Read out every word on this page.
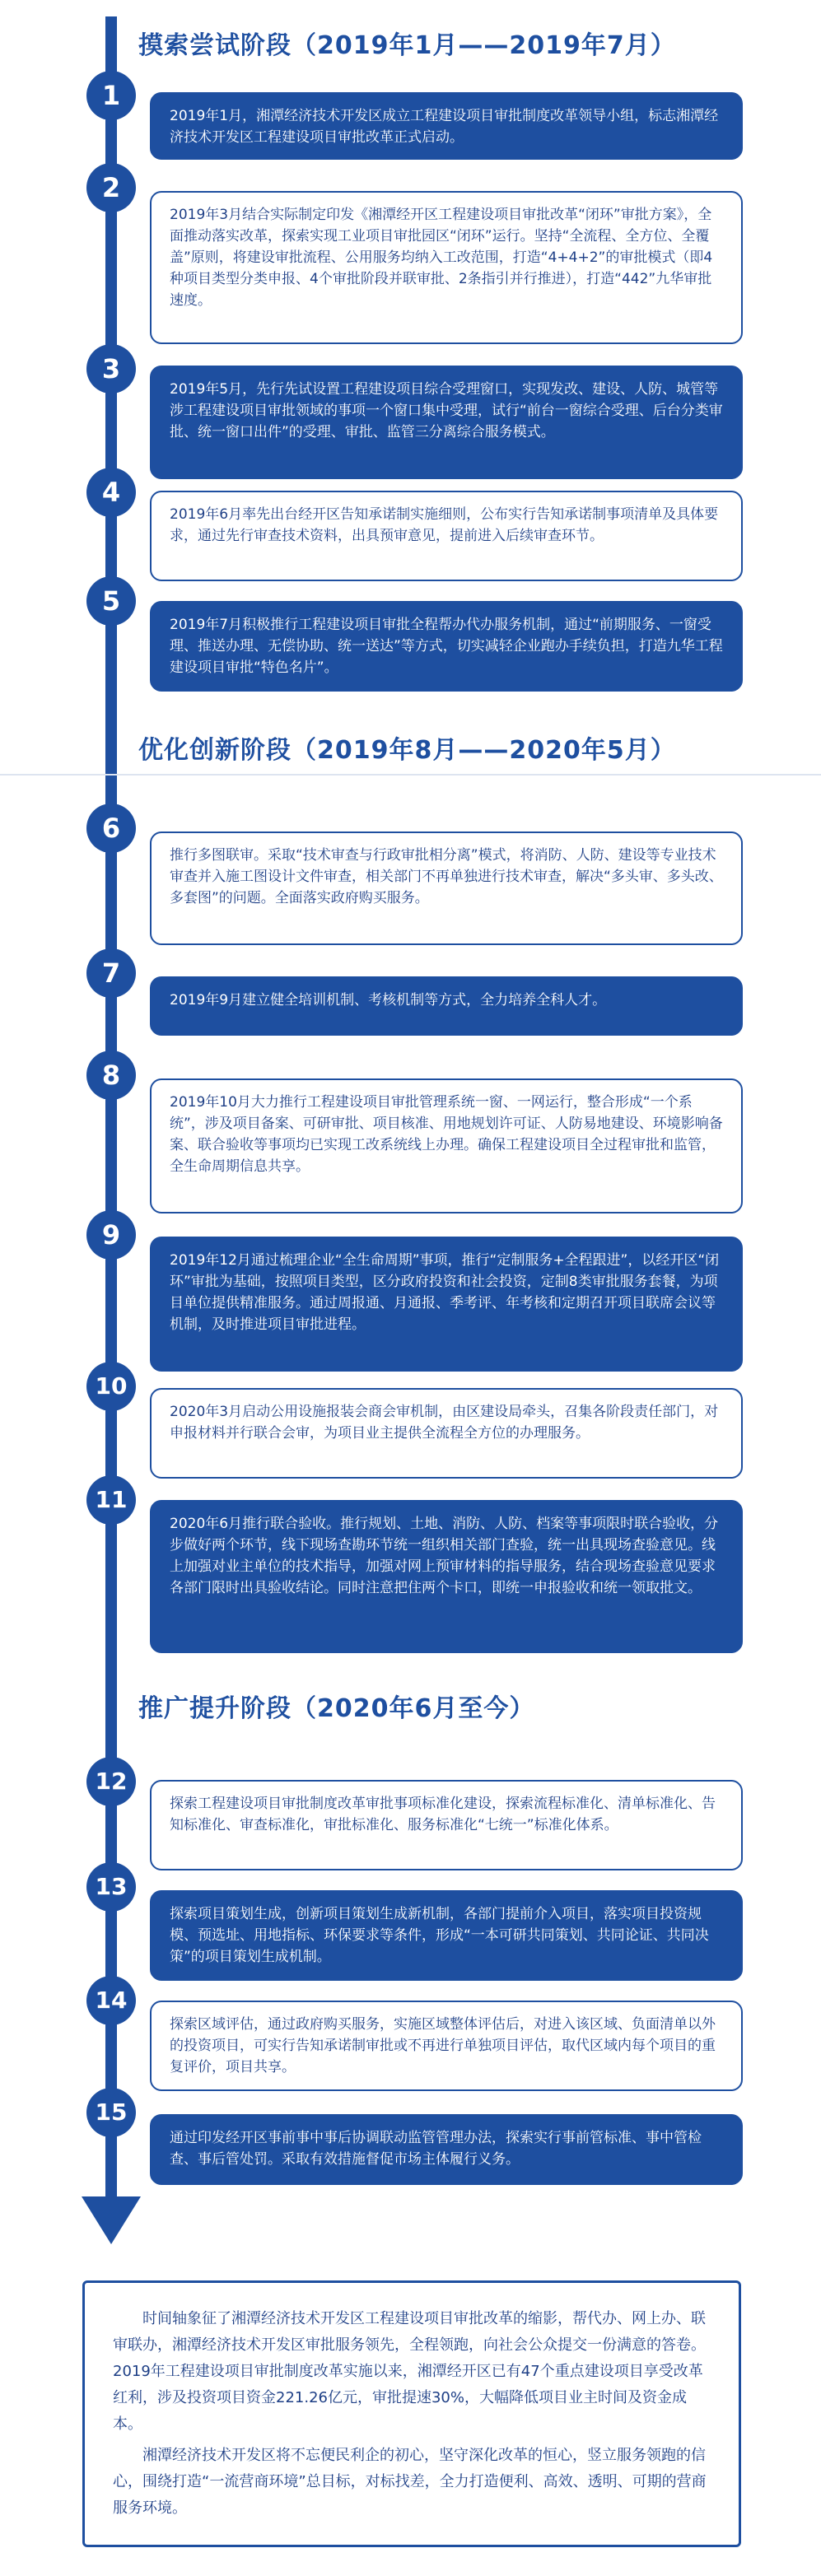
摸索尝试阶段（2019年1月——2019年7月）
1
2019年1月，湘潭经济技术开发区成立工程建设项目审批制度改革领导小组，标志湘潭经济技术开发区工程建设项目审批改革正式启动。
2
2019年3月结合实际制定印发《湘潭经开区工程建设项目审批改革“闭环”审批方案》，全面推动落实改革，探索实现工业项目审批园区“闭环”运行。坚持“全流程、全方位、全覆盖”原则，将建设审批流程、公用服务均纳入工改范围，打造“4+4+2”的审批模式（即4种项目类型分类申报、4个审批阶段并联审批、2条指引并行推进），打造“442”九华审批速度。
3
2019年5月，先行先试设置工程建设项目综合受理窗口，实现发改、建设、人防、城管等涉工程建设项目审批领域的事项一个窗口集中受理，试行“前台一窗综合受理、后台分类审批、统一窗口出件”的受理、审批、监管三分离综合服务模式。
4
2019年6月率先出台经开区告知承诺制实施细则，公布实行告知承诺制事项清单及具体要求，通过先行审查技术资料，出具预审意见，提前进入后续审查环节。
5
2019年7月积极推行工程建设项目审批全程帮办代办服务机制，通过“前期服务、一窗受理、推送办理、无偿协助、统一送达”等方式，切实减轻企业跑办手续负担，打造九华工程建设项目审批“特色名片”。
优化创新阶段（2019年8月——2020年5月）
6
推行多图联审。采取“技术审查与行政审批相分离”模式，将消防、人防、建设等专业技术审查并入施工图设计文件审查，相关部门不再单独进行技术审查，解决“多头审、多头改、多套图”的问题。全面落实政府购买服务。
7
2019年9月建立健全培训机制、考核机制等方式，全力培养全科人才。
8
2019年10月大力推行工程建设项目审批管理系统一窗、一网运行，整合形成“一个系统”，涉及项目备案、可研审批、项目核准、用地规划许可证、人防易地建设、环境影响备案、联合验收等事项均已实现工改系统线上办理。确保工程建设项目全过程审批和监管，全生命周期信息共享。
9
2019年12月通过梳理企业“全生命周期”事项，推行“定制服务+全程跟进”，以经开区“闭环”审批为基础，按照项目类型，区分政府投资和社会投资，定制8类审批服务套餐，为项目单位提供精准服务。通过周报通、月通报、季考评、年考核和定期召开项目联席会议等机制，及时推进项目审批进程。
10
2020年3月启动公用设施报装会商会审机制，由区建设局牵头，召集各阶段责任部门，对申报材料并行联合会审，为项目业主提供全流程全方位的办理服务。
11
2020年6月推行联合验收。推行规划、土地、消防、人防、档案等事项限时联合验收，分步做好两个环节，线下现场查勘环节统一组织相关部门查验，统一出具现场查验意见。线上加强对业主单位的技术指导，加强对网上预审材料的指导服务，结合现场查验意见要求各部门限时出具验收结论。同时注意把住两个卡口，即统一申报验收和统一领取批文。
推广提升阶段（2020年6月至今）
12
探索工程建设项目审批制度改革审批事项标准化建设，探索流程标准化、清单标准化、告知标准化、审查标准化，审批标准化、服务标准化“七统一”标准化体系。
13
探索项目策划生成，创新项目策划生成新机制，各部门提前介入项目，落实项目投资规模、预选址、用地指标、环保要求等条件，形成“一本可研共同策划、共同论证、共同决策”的项目策划生成机制。
14
探索区域评估，通过政府购买服务，实施区域整体评估后，对进入该区域、负面清单以外的投资项目，可实行告知承诺制审批或不再进行单独项目评估，取代区域内每个项目的重复评价，项目共享。
15
通过印发经开区事前事中事后协调联动监管管理办法，探索实行事前管标准、事中管检查、事后管处罚。采取有效措施督促市场主体履行义务。

时间轴象征了湘潭经济技术开发区工程建设项目审批改革的缩影，帮代办、网上办、联审联办，湘潭经济技术开发区审批服务领先，全程领跑，向社会公众提交一份满意的答卷。2019年工程建设项目审批制度改革实施以来，湘潭经开区已有47个重点建设项目享受改革红利，涉及投资项目资金221.26亿元，审批提速30%，大幅降低项目业主时间及资金成本。

湘潭经济技术开发区将不忘便民利企的初心，坚守深化改革的恒心，竖立服务领跑的信心，围绕打造“一流营商环境”总目标，对标找差，全力打造便利、高效、透明、可期的营商服务环境。
